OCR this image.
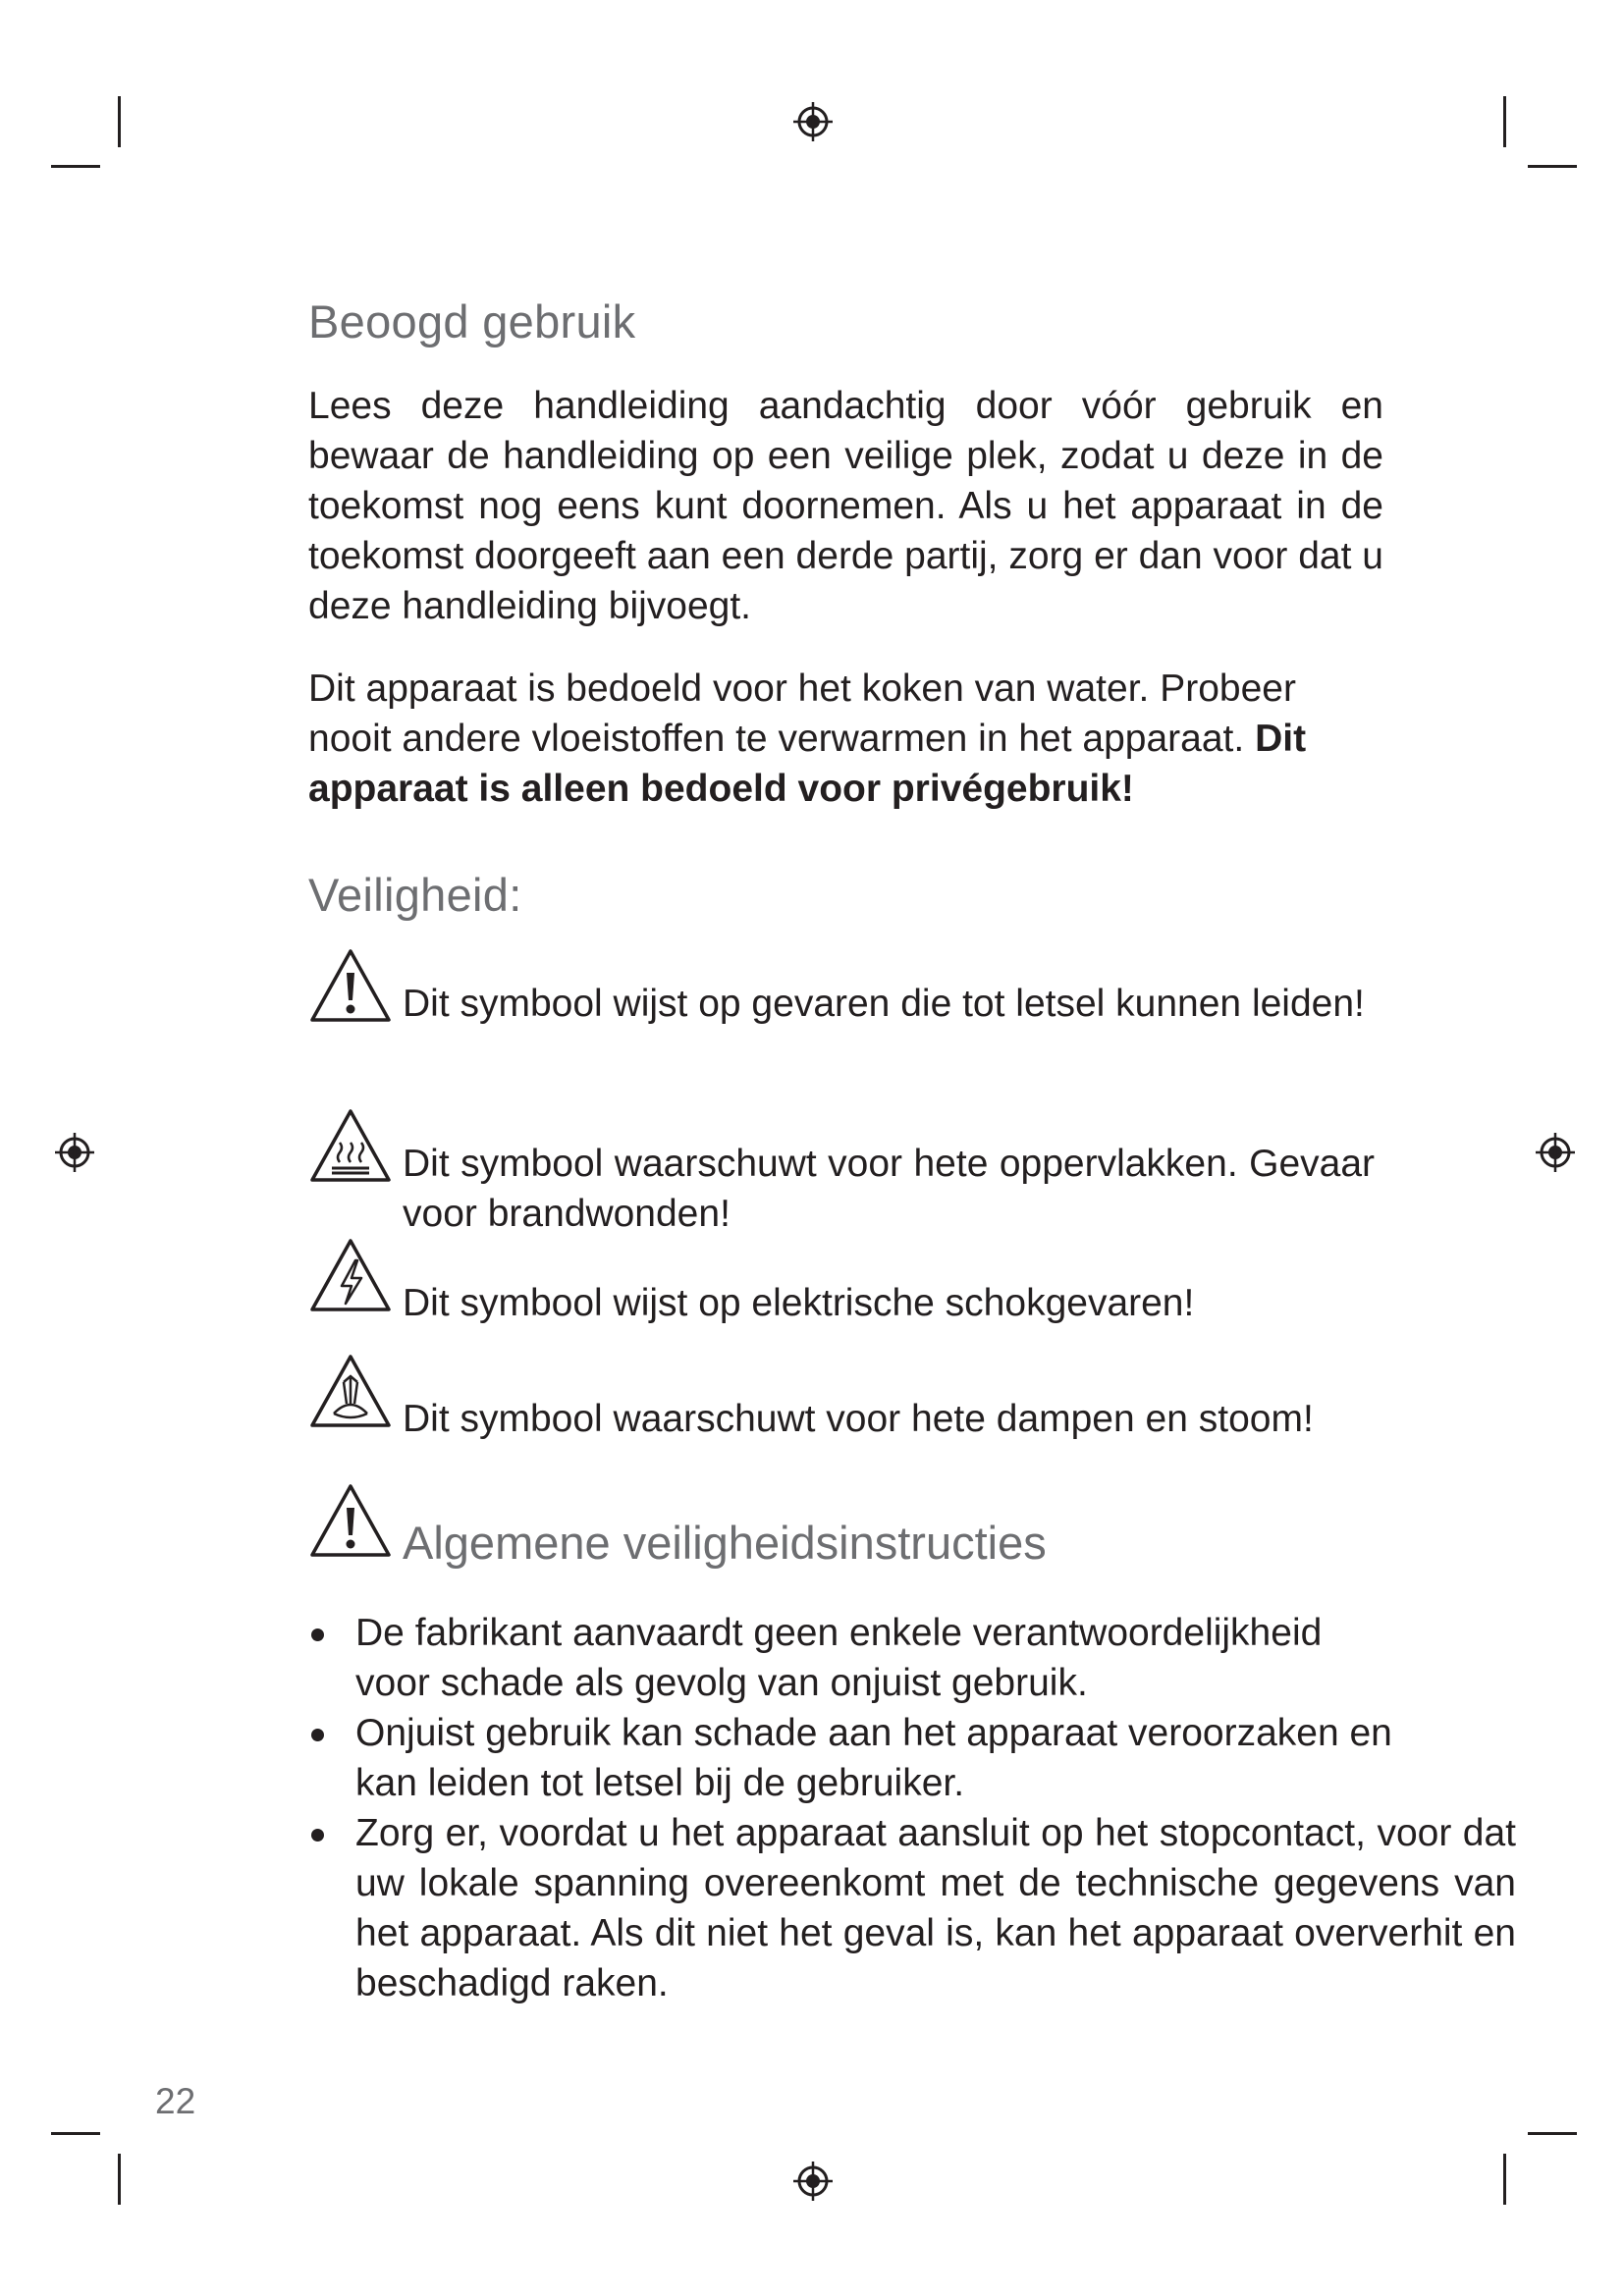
Beoogd gebruik

Lees deze handleiding aandachtig door vóór gebruik en bewaar de handleiding op een veilige plek, zodat u deze in de toekomst nog eens kunt doornemen. Als u het apparaat in de toekomst doorgeeft aan een derde partij, zorg er dan voor dat u deze handleiding bijvoegt.

Dit apparaat is bedoeld voor het koken van water. Probeer nooit andere vloeistoffen te verwarmen in het apparaat. Dit apparaat is alleen bedoeld voor privégebruik!

Veiligheid:

Dit symbool wijst op gevaren die tot letsel kunnen leiden!

Dit symbool waarschuwt voor hete oppervlakken. Gevaar voor brandwonden!

Dit symbool wijst op elektrische schokgevaren!

Dit symbool waarschuwt voor hete dampen en stoom!

Algemene veiligheidsinstructies
De fabrikant aanvaardt geen enkele verantwoordelijkheid voor schade als gevolg van onjuist gebruik.
Onjuist gebruik kan schade aan het apparaat veroorzaken en kan leiden tot letsel bij de gebruiker.
Zorg er, voordat u het apparaat aansluit op het stopcontact, voor dat uw lokale spanning overeenkomt met de technische gegevens van het apparaat. Als dit niet het geval is, kan het apparaat oververhit en beschadigd raken.
22
